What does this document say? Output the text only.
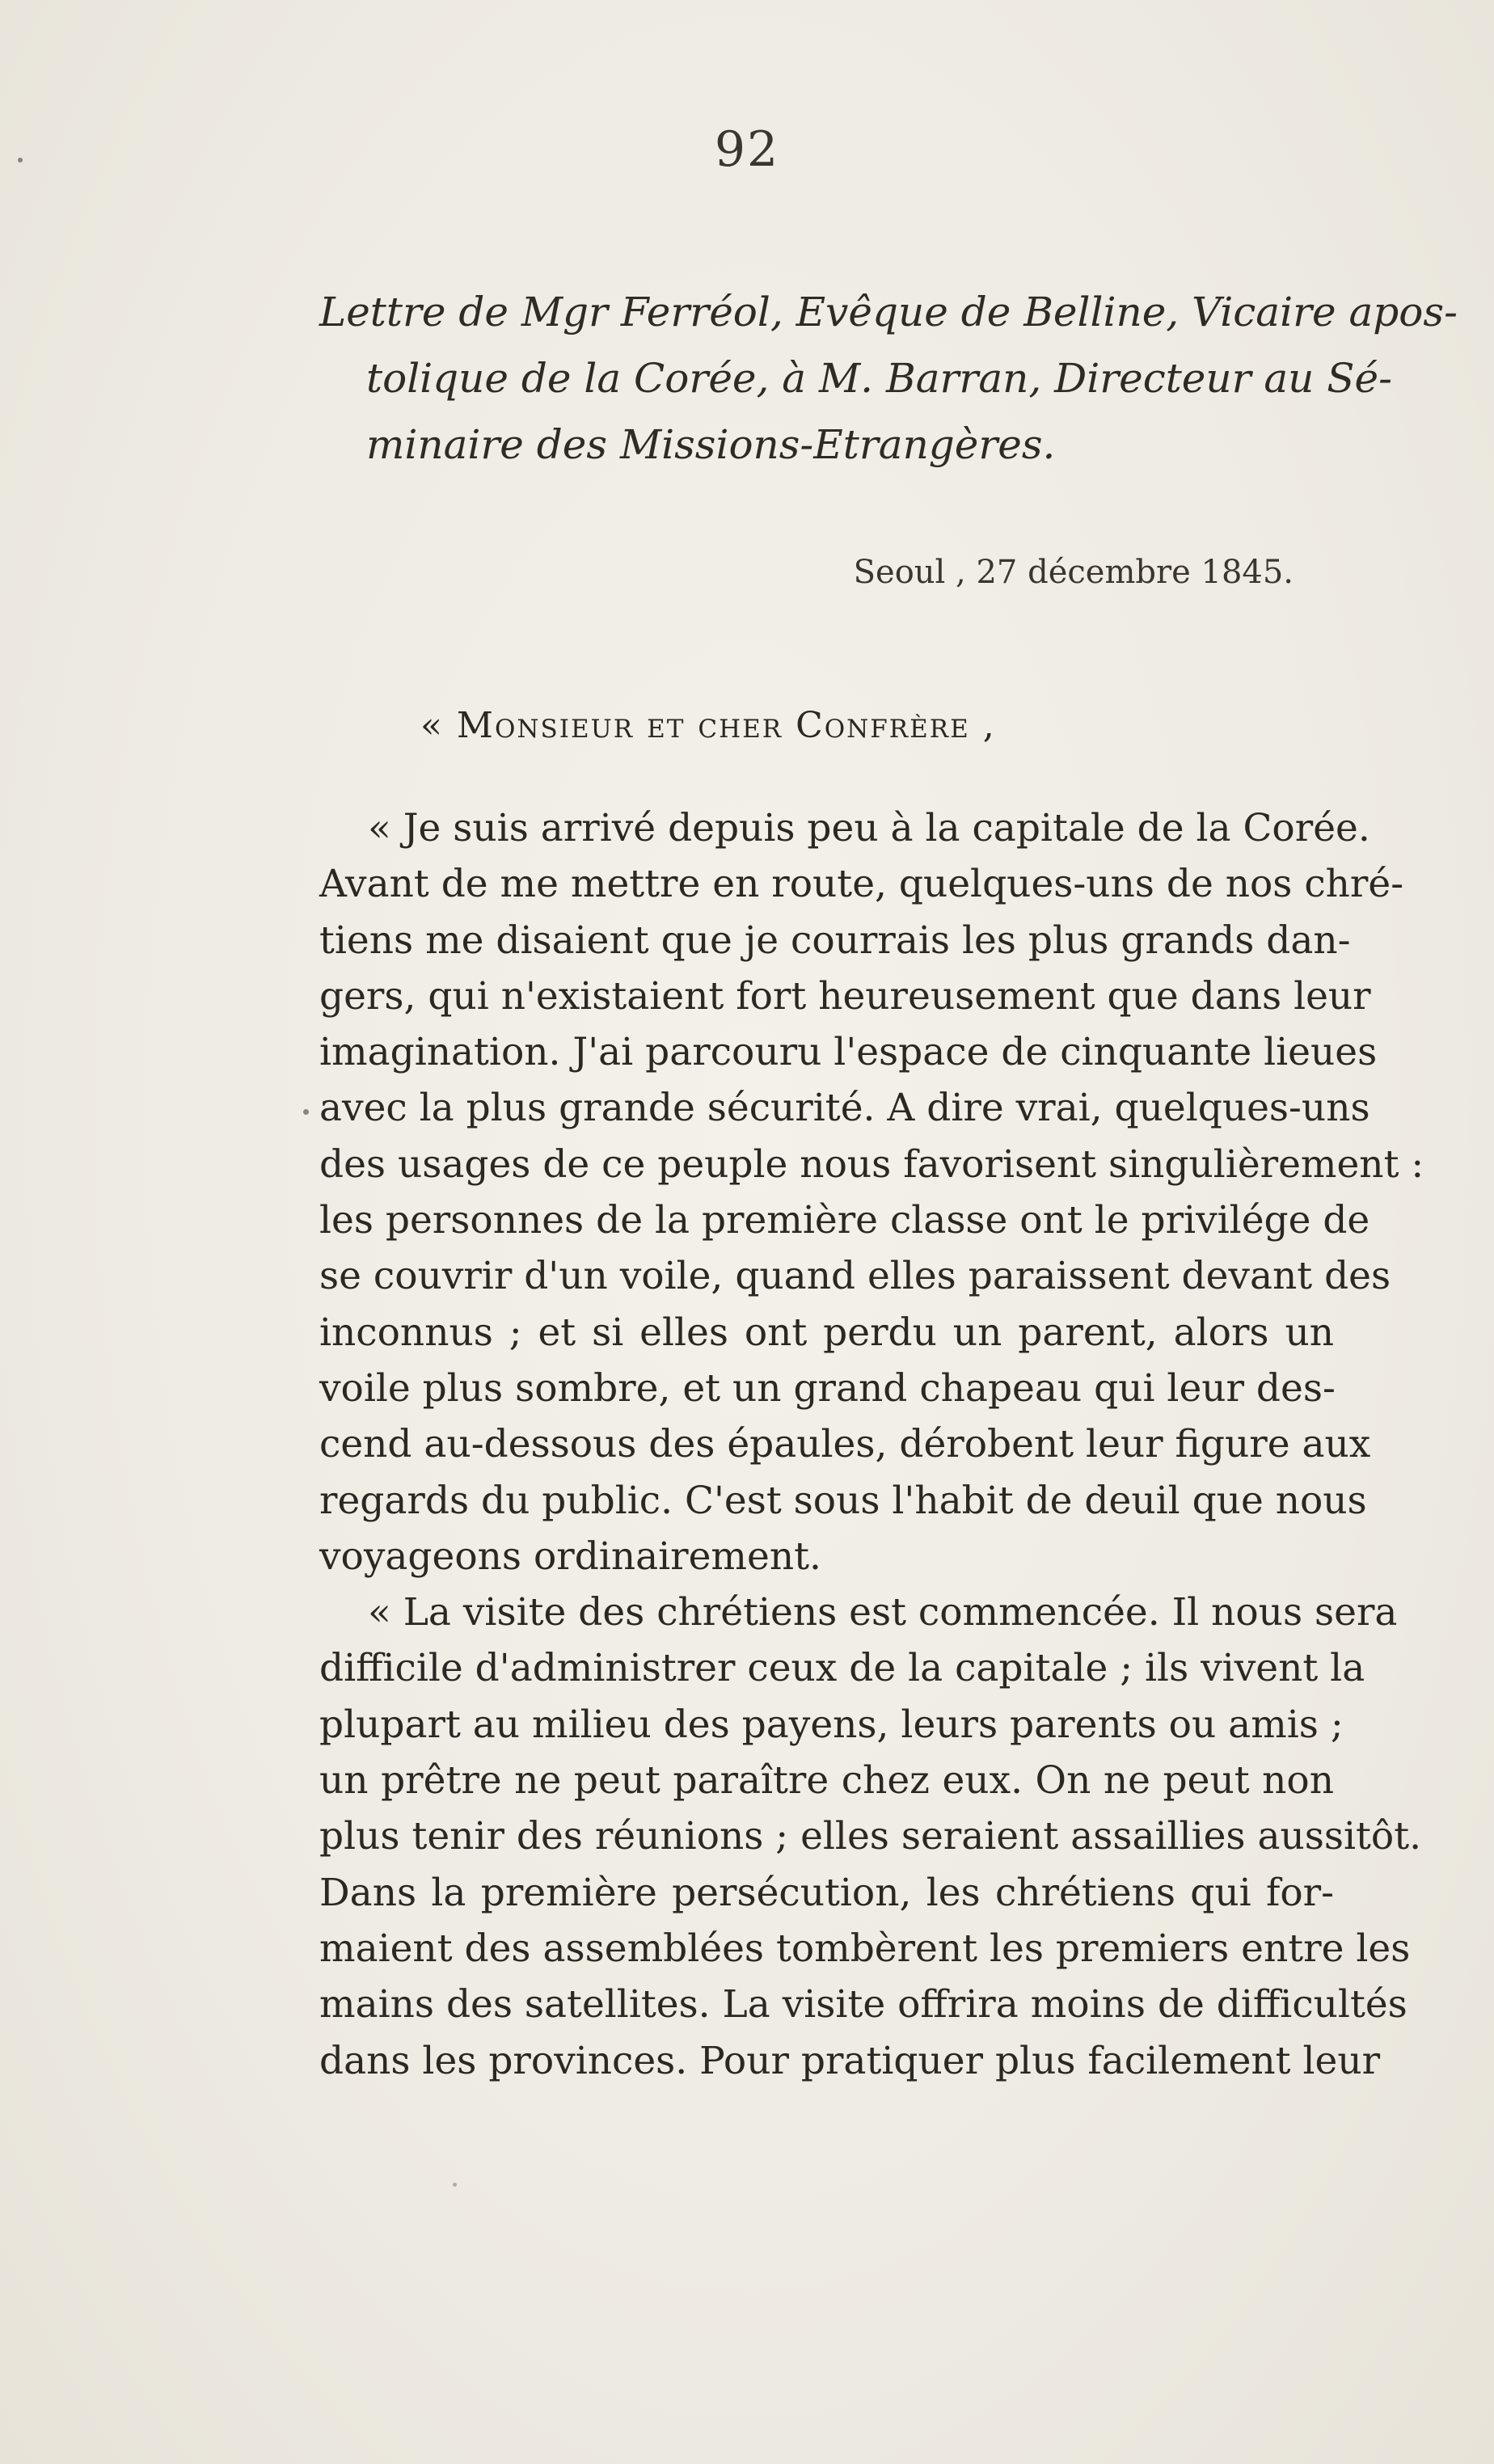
92
Lettre de Mgr Ferréol, Evêque de Belline, Vicaire apos-
tolique de la Corée, à M. Barran, Directeur au Sé-
minaire des Missions-Etrangères.
Seoul , 27 décembre 1845.
« Monsieur et cher Confrère ,
« Je suis arrivé depuis peu à la capitale de la Corée.
Avant de me mettre en route, quelques-uns de nos chré-
tiens me disaient que je courrais les plus grands dan-
gers, qui n'existaient fort heureusement que dans leur
imagination. J'ai parcouru l'espace de cinquante lieues
avec la plus grande sécurité. A dire vrai, quelques-uns
des usages de ce peuple nous favorisent singulièrement :
les personnes de la première classe ont le privilége de
se couvrir d'un voile, quand elles paraissent devant des
inconnus ; et si elles ont perdu un parent, alors un
voile plus sombre, et un grand chapeau qui leur des-
cend au-dessous des épaules, dérobent leur figure aux
regards du public. C'est sous l'habit de deuil que nous
voyageons ordinairement.
« La visite des chrétiens est commencée. Il nous sera
difficile d'administrer ceux de la capitale ; ils vivent la
plupart au milieu des payens, leurs parents ou amis ;
un prêtre ne peut paraître chez eux. On ne peut non
plus tenir des réunions ; elles seraient assaillies aussitôt.
Dans la première persécution, les chrétiens qui for-
maient des assemblées tombèrent les premiers entre les
mains des satellites. La visite offrira moins de difficultés
dans les provinces. Pour pratiquer plus facilement leur
